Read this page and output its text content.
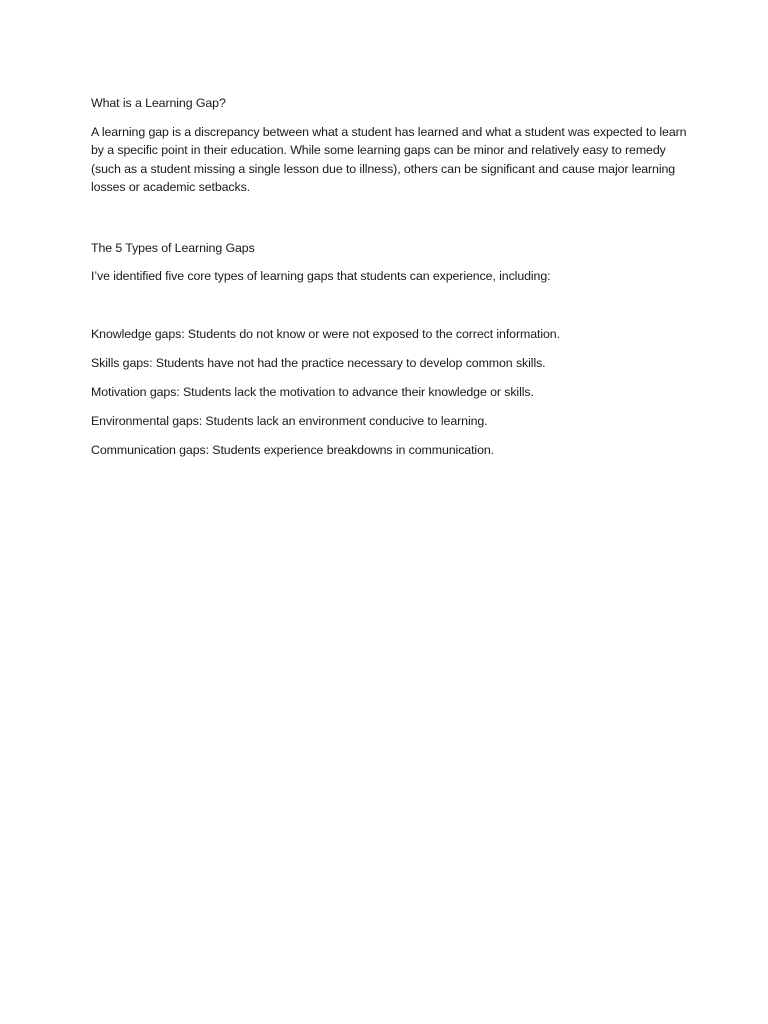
What is a Learning Gap?

A learning gap is a discrepancy between what a student has learned and what a student was expected to learn by a specific point in their education. While some learning gaps can be minor and relatively easy to remedy (such as a student missing a single lesson due to illness), others can be significant and cause major learning losses or academic setbacks.

The 5 Types of Learning Gaps

I’ve identified five core types of learning gaps that students can experience, including:

Knowledge gaps: Students do not know or were not exposed to the correct information.

Skills gaps: Students have not had the practice necessary to develop common skills.

Motivation gaps: Students lack the motivation to advance their knowledge or skills.

Environmental gaps: Students lack an environment conducive to learning.

Communication gaps: Students experience breakdowns in communication.
